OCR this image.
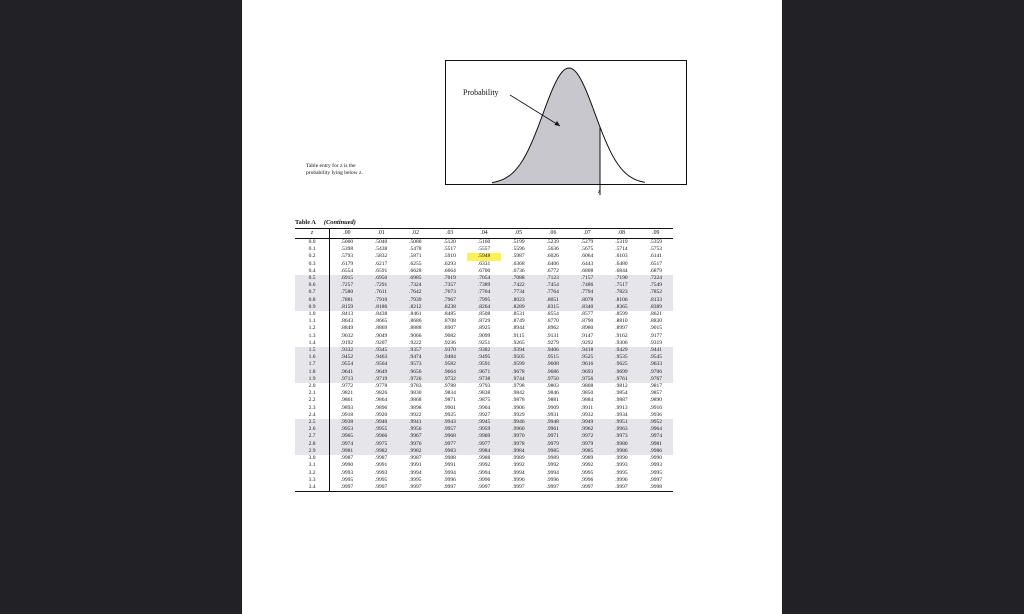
Probability
z
Table entry for z is the
probability lying below z.
Table A (Continued)
z	.00	.01	.02	.03	.04	.05	.06	.07	.08	.09
0.0	.5000	.5040	.5080	.5120	.5160	.5199	.5239	.5279	.5319	.5359
0.1	.5398	.5438	.5478	.5517	.5557	.5596	.5636	.5675	.5714	.5753
0.2	.5793	.5832	.5871	.5910	.5948	.5987	.6026	.6064	.6103	.6141
0.3	.6179	.6217	.6255	.6293	.6331	.6368	.6406	.6443	.6480	.6517
0.4	.6554	.6591	.6628	.6664	.6700	.6736	.6772	.6808	.6844	.6879
0.5	.6915	.6950	.6985	.7019	.7054	.7088	.7123	.7157	.7190	.7224
0.6	.7257	.7291	.7324	.7357	.7389	.7422	.7454	.7486	.7517	.7549
0.7	.7580	.7611	.7642	.7673	.7704	.7734	.7764	.7794	.7823	.7852
0.8	.7881	.7910	.7939	.7967	.7995	.8023	.8051	.8078	.8106	.8133
0.9	.8159	.8186	.8212	.8238	.8264	.8289	.8315	.8340	.8365	.8389
1.0	.8413	.8438	.8461	.8485	.8508	.8531	.8554	.8577	.8599	.8621
1.1	.8643	.8665	.8686	.8708	.8729	.8749	.8770	.8790	.8810	.8830
1.2	.8849	.8869	.8888	.8907	.8925	.8944	.8962	.8980	.8997	.9015
1.3	.9032	.9049	.9066	.9082	.9099	.9115	.9131	.9147	.9162	.9177
1.4	.9192	.9207	.9222	.9236	.9251	.9265	.9279	.9292	.9306	.9319
1.5	.9332	.9345	.9357	.9370	.9382	.9394	.9406	.9418	.9429	.9441
1.6	.9452	.9463	.9474	.9484	.9495	.9505	.9515	.9525	.9535	.9545
1.7	.9554	.9564	.9573	.9582	.9591	.9599	.9608	.9616	.9625	.9633
1.8	.9641	.9649	.9656	.9664	.9671	.9678	.9686	.9693	.9699	.9706
1.9	.9713	.9719	.9726	.9732	.9738	.9744	.9750	.9756	.9761	.9767
2.0	.9772	.9778	.9783	.9788	.9793	.9798	.9803	.9808	.9812	.9817
2.1	.9821	.9826	.9830	.9834	.9838	.9842	.9846	.9850	.9854	.9857
2.2	.9861	.9864	.9868	.9871	.9875	.9878	.9881	.9884	.9887	.9890
2.3	.9893	.9896	.9898	.9901	.9904	.9906	.9909	.9911	.9913	.9916
2.4	.9918	.9920	.9922	.9925	.9927	.9929	.9931	.9932	.9934	.9936
2.5	.9938	.9940	.9941	.9943	.9945	.9946	.9948	.9949	.9951	.9952
2.6	.9953	.9955	.9956	.9957	.9959	.9960	.9961	.9962	.9963	.9964
2.7	.9965	.9966	.9967	.9968	.9969	.9970	.9971	.9972	.9973	.9974
2.8	.9974	.9975	.9976	.9977	.9977	.9978	.9979	.9979	.9980	.9981
2.9	.9981	.9982	.9982	.9983	.9984	.9984	.9985	.9985	.9986	.9986
3.0	.9987	.9987	.9987	.9988	.9988	.9989	.9989	.9989	.9990	.9990
3.1	.9990	.9991	.9991	.9991	.9992	.9992	.9992	.9992	.9993	.9993
3.2	.9993	.9993	.9994	.9994	.9994	.9994	.9994	.9995	.9995	.9995
3.3	.9995	.9995	.9995	.9996	.9996	.9996	.9996	.9996	.9996	.9997
3.4	.9997	.9997	.9997	.9997	.9997	.9997	.9997	.9997	.9997	.9998
